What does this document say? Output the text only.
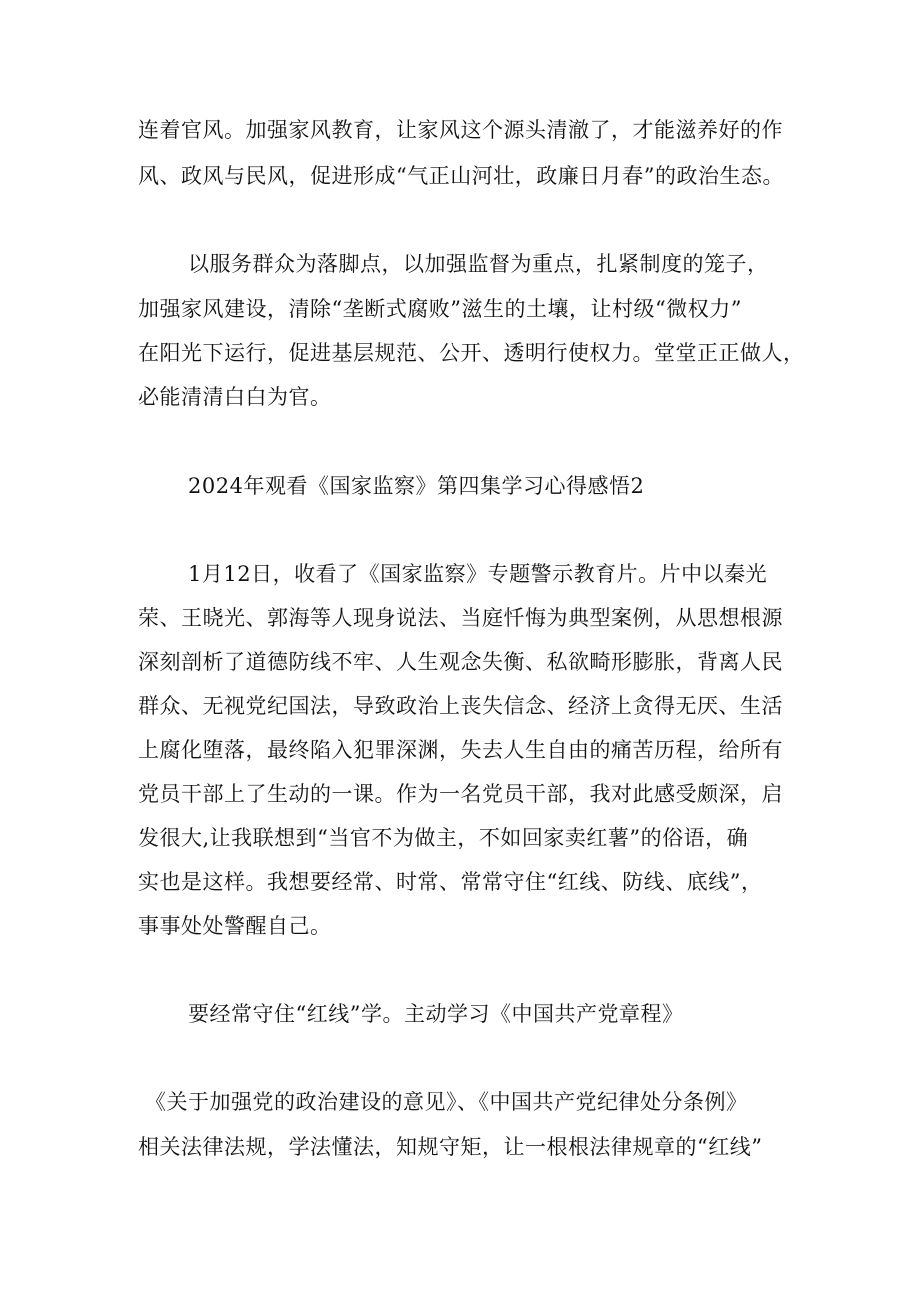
连着官风。加强家风教育，让家风这个源头清澈了，才能滋养好的作
风、政风与民风，促进形成“气正山河壮，政廉日月春”的政治生态。
以服务群众为落脚点，以加强监督为重点，扎紧制度的笼子，
加强家风建设，清除“垄断式腐败”滋生的土壤，让村级“微权力”
在阳光下运行，促进基层规范、公开、透明行使权力。堂堂正正做人，
必能清清白白为官。
2024年观看《国家监察》第四集学习心得感悟2
1月12日，收看了《国家监察》专题警示教育片。片中以秦光
荣、王晓光、郭海等人现身说法、当庭忏悔为典型案例，从思想根源
深刻剖析了道德防线不牢、人生观念失衡、私欲畸形膨胀，背离人民
群众、无视党纪国法，导致政治上丧失信念、经济上贪得无厌、生活
上腐化堕落，最终陷入犯罪深渊，失去人生自由的痛苦历程，给所有
党员干部上了生动的一课。作为一名党员干部，我对此感受颇深，启
发很大,让我联想到“当官不为做主，不如回家卖红薯”的俗语，确
实也是这样。我想要经常、时常、常常守住“红线、防线、底线”，
事事处处警醒自己。
要经常守住“红线”学。主动学习《中国共产党章程》
《关于加强党的政治建设的意见》、《中国共产党纪律处分条例》
相关法律法规，学法懂法，知规守矩，让一根根法律规章的“红线”
